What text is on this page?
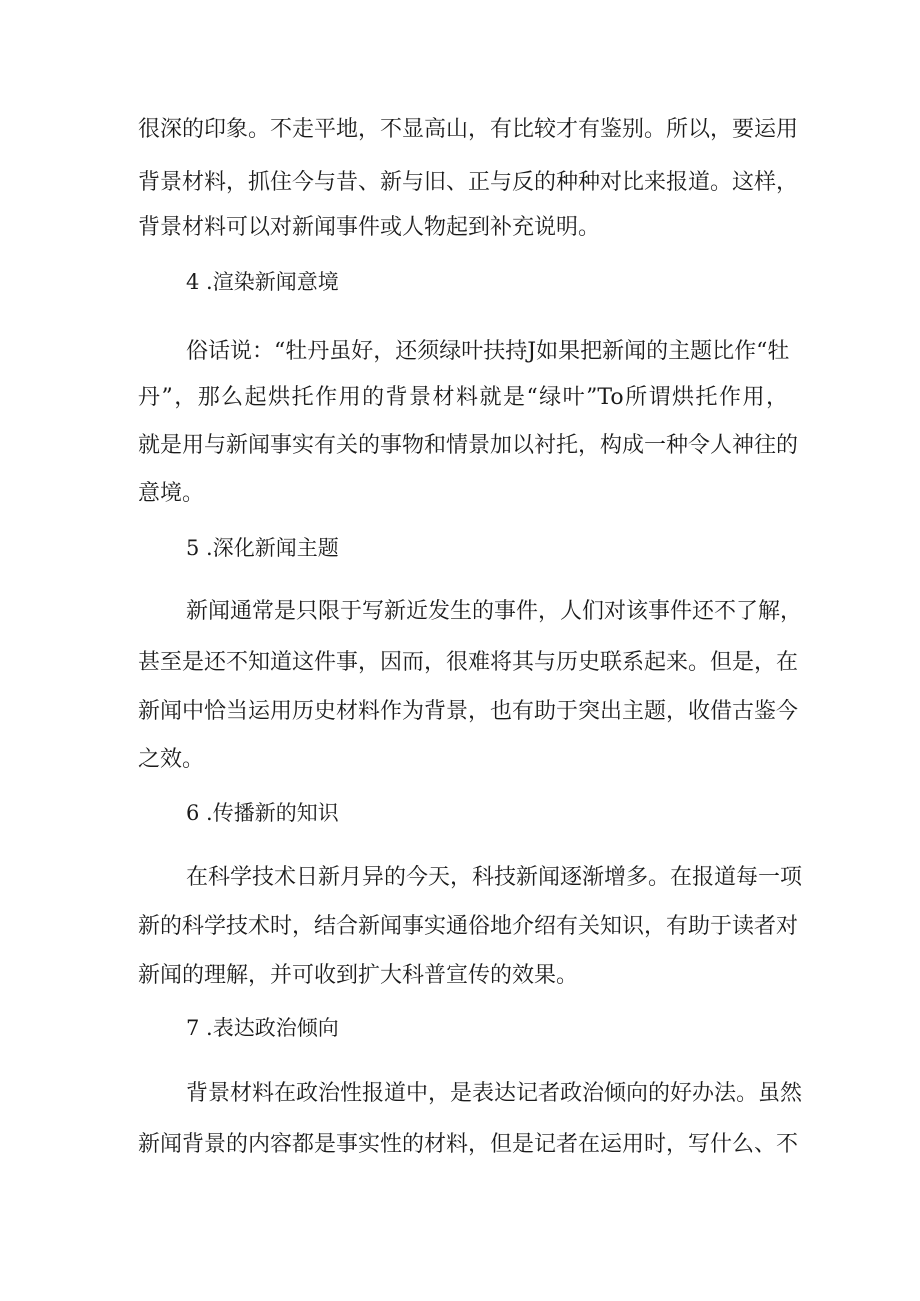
很深的印象。不走平地，不显高山，有比较才有鉴别。所以，要运用
背景材料，抓住今与昔、新与旧、正与反的种种对比来报道。这样，
背景材料可以对新闻事件或人物起到补充说明。
4 .渲染新闻意境
俗话说：“牡丹虽好，还须绿叶扶持J如果把新闻的主题比作“牡
丹”，那么起烘托作用的背景材料就是“绿叶”To所谓烘托作用，
就是用与新闻事实有关的事物和情景加以衬托，构成一种令人神往的
意境。
5 .深化新闻主题
新闻通常是只限于写新近发生的事件，人们对该事件还不了解，
甚至是还不知道这件事，因而，很难将其与历史联系起来。但是，在
新闻中恰当运用历史材料作为背景，也有助于突出主题，收借古鉴今
之效。
6 .传播新的知识
在科学技术日新月异的今天，科技新闻逐渐增多。在报道每一项
新的科学技术时，结合新闻事实通俗地介绍有关知识，有助于读者对
新闻的理解，并可收到扩大科普宣传的效果。
7 .表达政治倾向
背景材料在政治性报道中，是表达记者政治倾向的好办法。虽然
新闻背景的内容都是事实性的材料，但是记者在运用时，写什么、不
